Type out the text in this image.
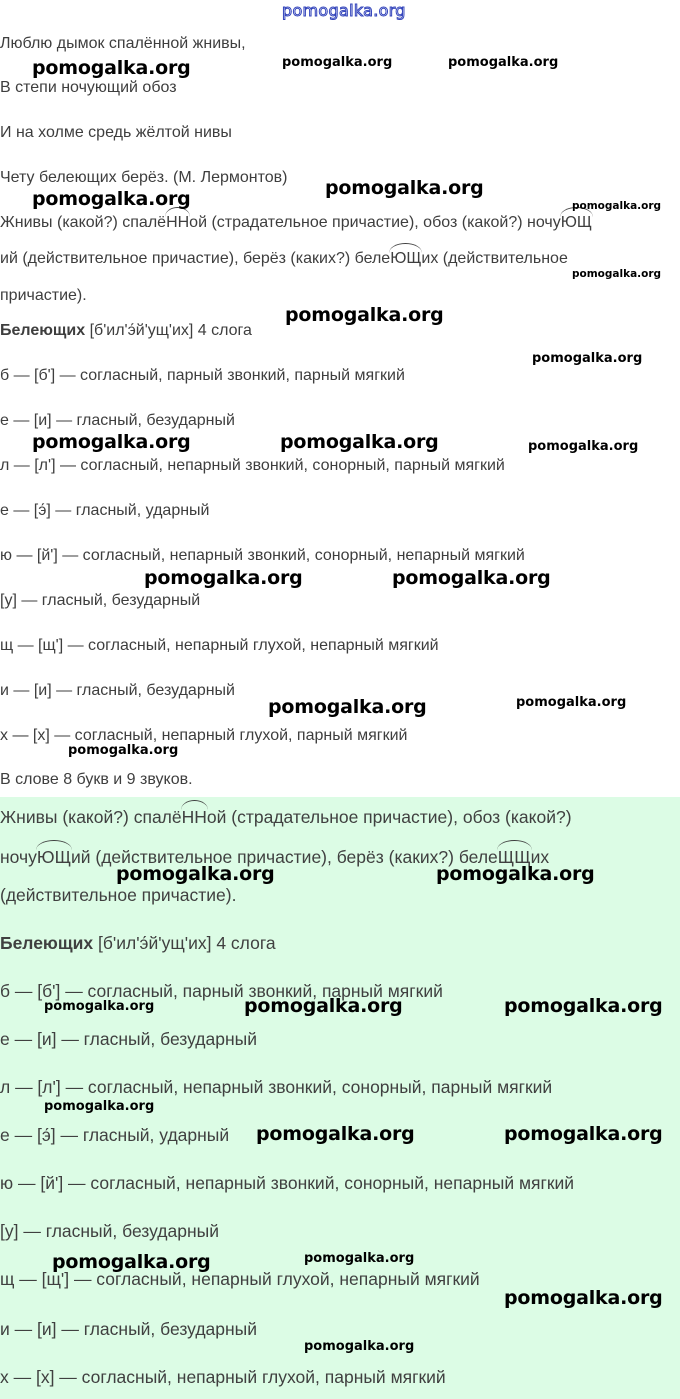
pomogalka.org
Люблю дымок спалённой жнивы,
В степи ночующий обоз
И на холме средь жёлтой нивы
Чету белеющих берёз. (М. Лермонтов)
Жнивы (какой?) спалёННой (страдательное причастие), обоз (какой?) ночуЮЩ
ий (действительное причастие), берёз (каких?) белеЮЩих (действительное
причастие).
Белеющих [б'ил'э́й'ущ'их] 4 слога
б — [б'] — согласный, парный звонкий, парный мягкий
е — [и] — гласный, безударный
л — [л'] — согласный, непарный звонкий, сонорный, парный мягкий
е — [э́] — гласный, ударный
ю — [й'] — согласный, непарный звонкий, сонорный, непарный мягкий
[у] — гласный, безударный
щ — [щ'] — согласный, непарный глухой, непарный мягкий
и — [и] — гласный, безударный
х — [х] — согласный, непарный глухой, парный мягкий
В слове 8 букв и 9 звуков.
Жнивы (какой?) спалёННой (страдательное причастие), обоз (какой?)
ночуЮЩий (действительное причастие), берёз (каких?) белеЩЩих
(действительное причастие).
Белеющих [б'ил'э́й'ущ'их] 4 слога
б — [б'] — согласный, парный звонкий, парный мягкий
е — [и] — гласный, безударный
л — [л'] — согласный, непарный звонкий, сонорный, парный мягкий
е — [э́] — гласный, ударный
ю — [й'] — согласный, непарный звонкий, сонорный, непарный мягкий
[у] — гласный, безударный
щ — [щ'] — согласный, непарный глухой, непарный мягкий
и — [и] — гласный, безударный
х — [х] — согласный, непарный глухой, парный мягкий
pomogalka.org	pomogalka.org	pomogalka.org
pomogalka.org	pomogalka.org
pomogalka.org
pomogalka.org
pomogalka.org
pomogalka.org
pomogalka.org	pomogalka.org	pomogalka.org
pomogalka.org	pomogalka.org
pomogalka.org	pomogalka.org
pomogalka.org
pomogalka.org	pomogalka.org
pomogalka.org	pomogalka.org	pomogalka.org
pomogalka.org
pomogalka.org	pomogalka.org
pomogalka.org	pomogalka.org
pomogalka.org
pomogalka.org
